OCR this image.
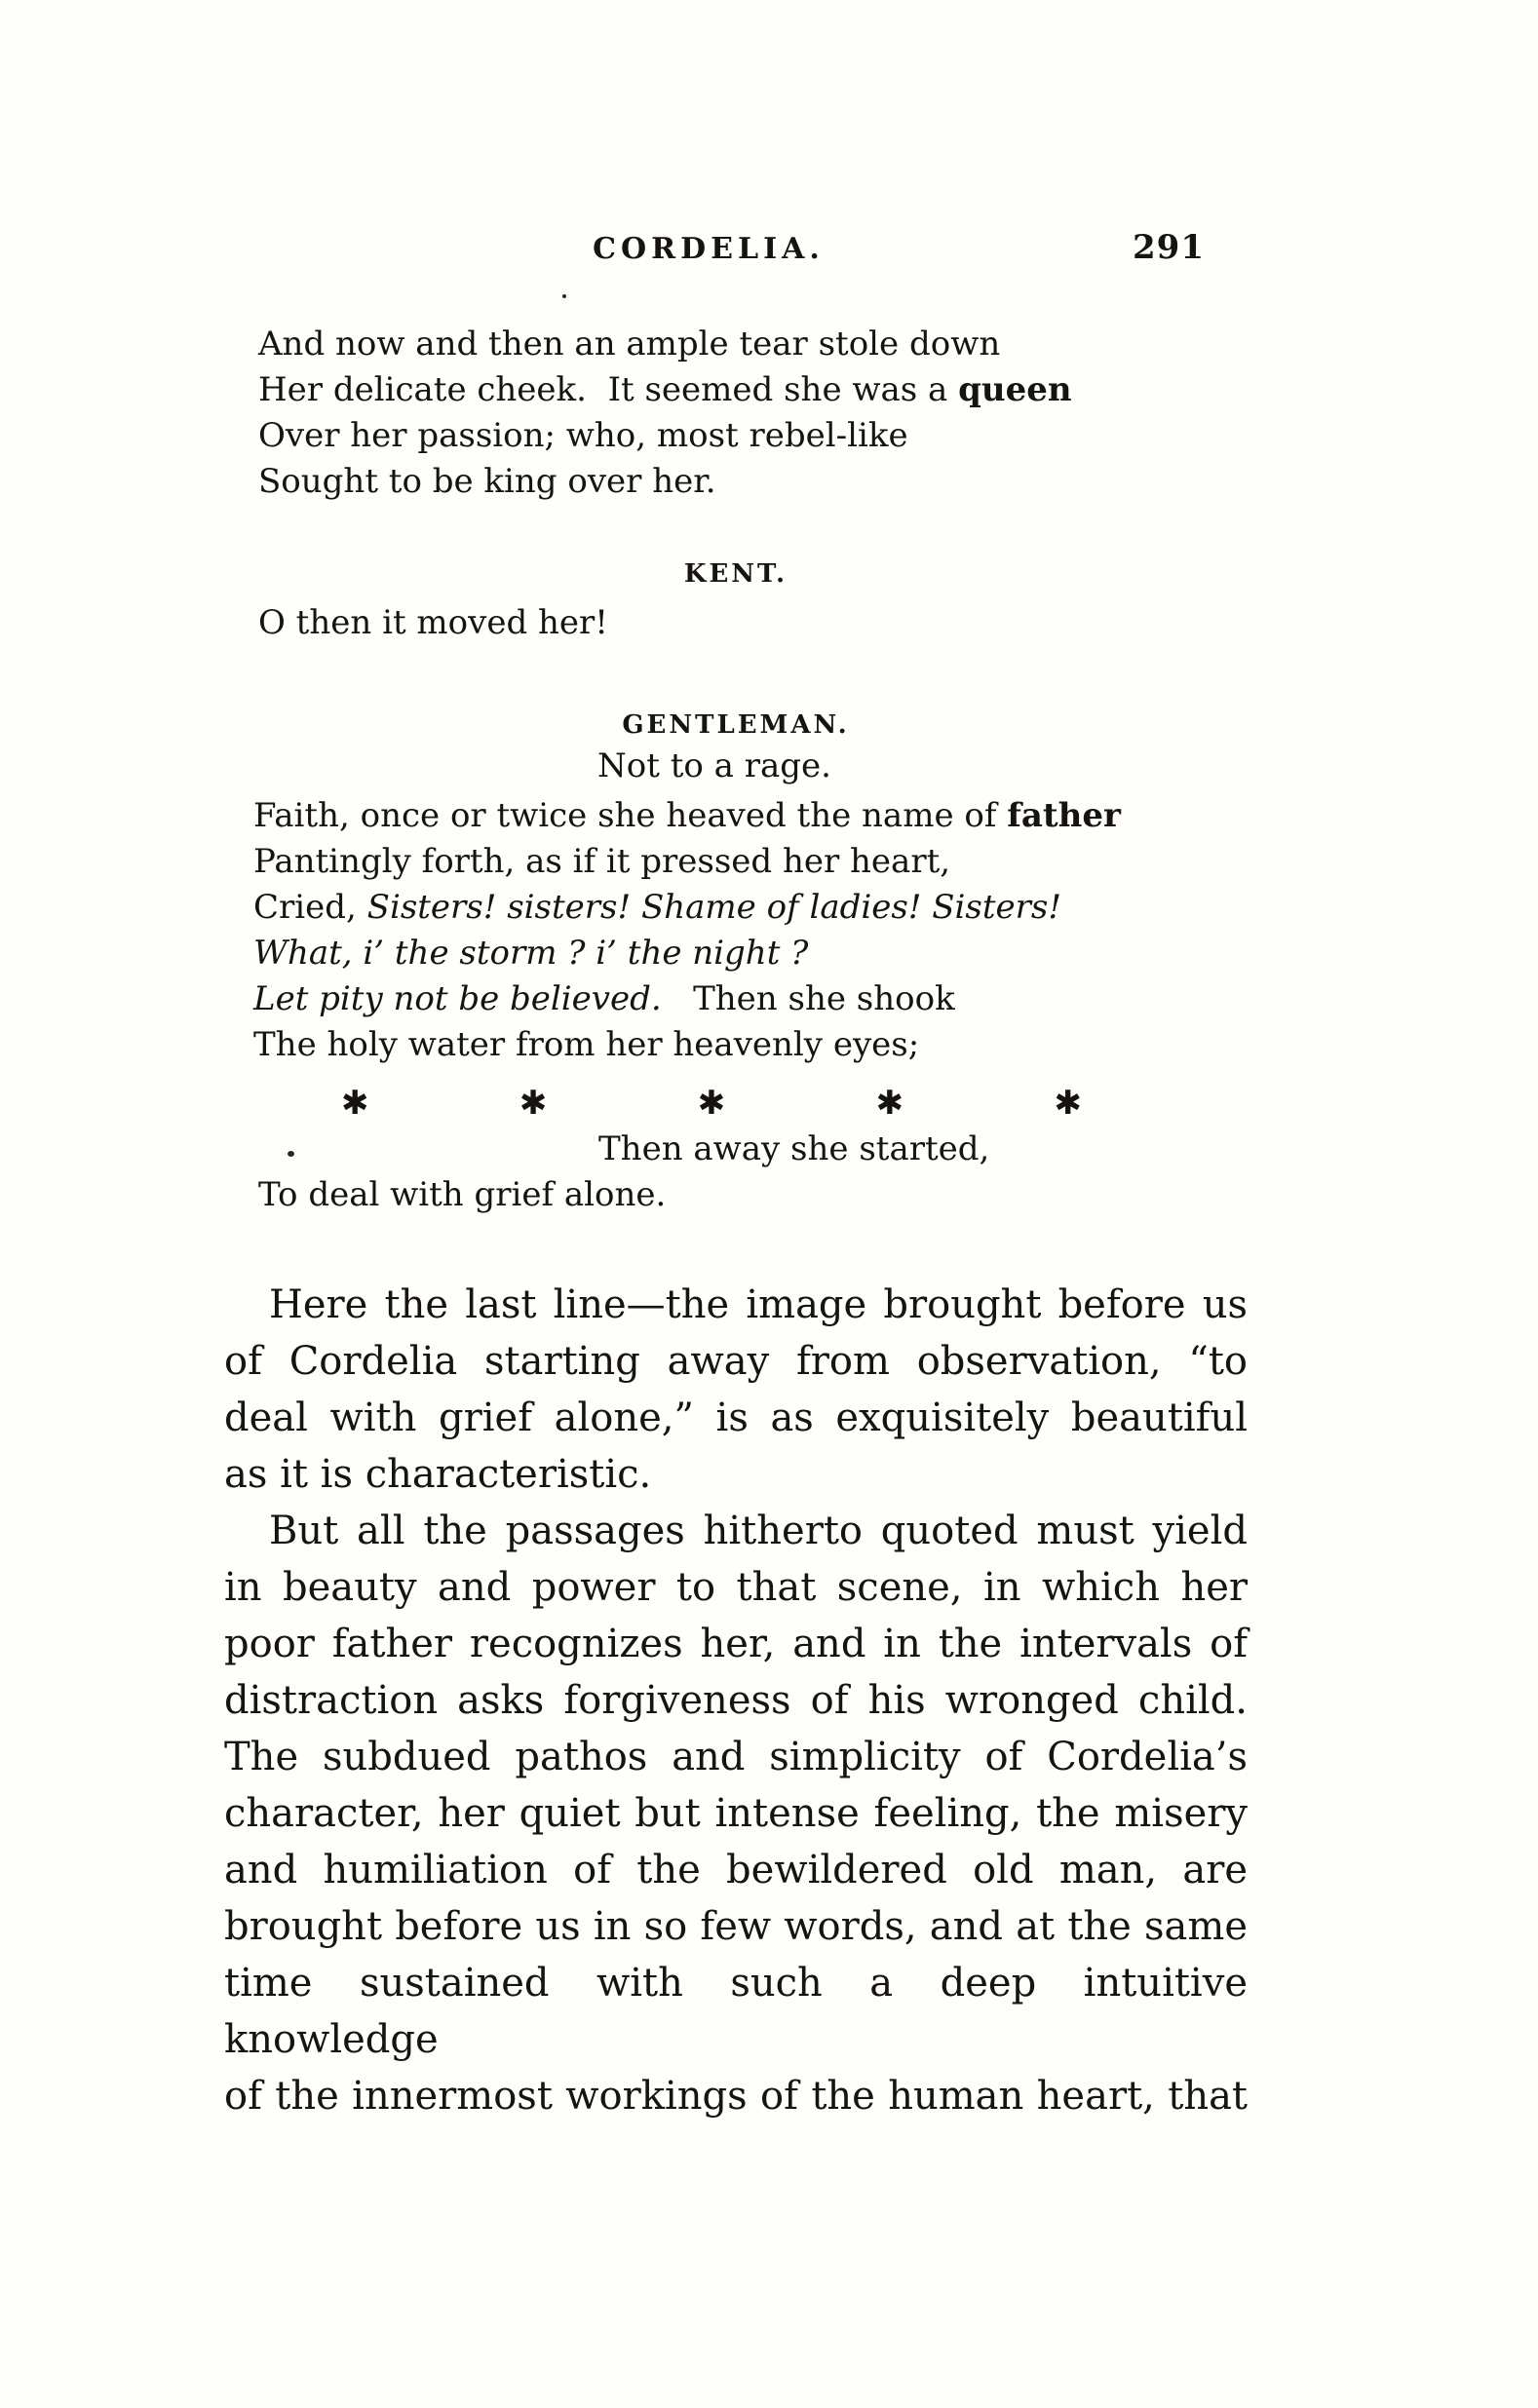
CORDELIA.	291
And now and then an ample tear stole down
Her delicate cheek.  It seemed she was a queen
Over her passion; who, most rebel-like
Sought to be king over her.
KENT.
O then it moved her!
GENTLEMAN.
Not to a rage.
Faith, once or twice she heaved the name of father
Pantingly forth, as if it pressed her heart,
Cried, Sisters! sisters! Shame of ladies! Sisters!
What, i’ the storm ? i’ the night ?
Let pity not be believed.   Then she shook
The holy water from her heavenly eyes;
✱	✱	✱	✱	✱
Then away she started,
To deal with grief alone.
Here the last line—the image brought before us
of Cordelia starting away from observation, “to
deal with grief alone,” is as exquisitely beautiful
as it is characteristic.
But all the passages hitherto quoted must yield
in beauty and power to that scene, in which her
poor father recognizes her, and in the intervals of
distraction asks forgiveness of his wronged child.
The subdued pathos and simplicity of Cordelia’s
character, her quiet but intense feeling, the misery
and humiliation of the bewildered old man, are
brought before us in so few words, and at the same
time sustained with such a deep intuitive knowledge
of the innermost workings of the human heart, that
